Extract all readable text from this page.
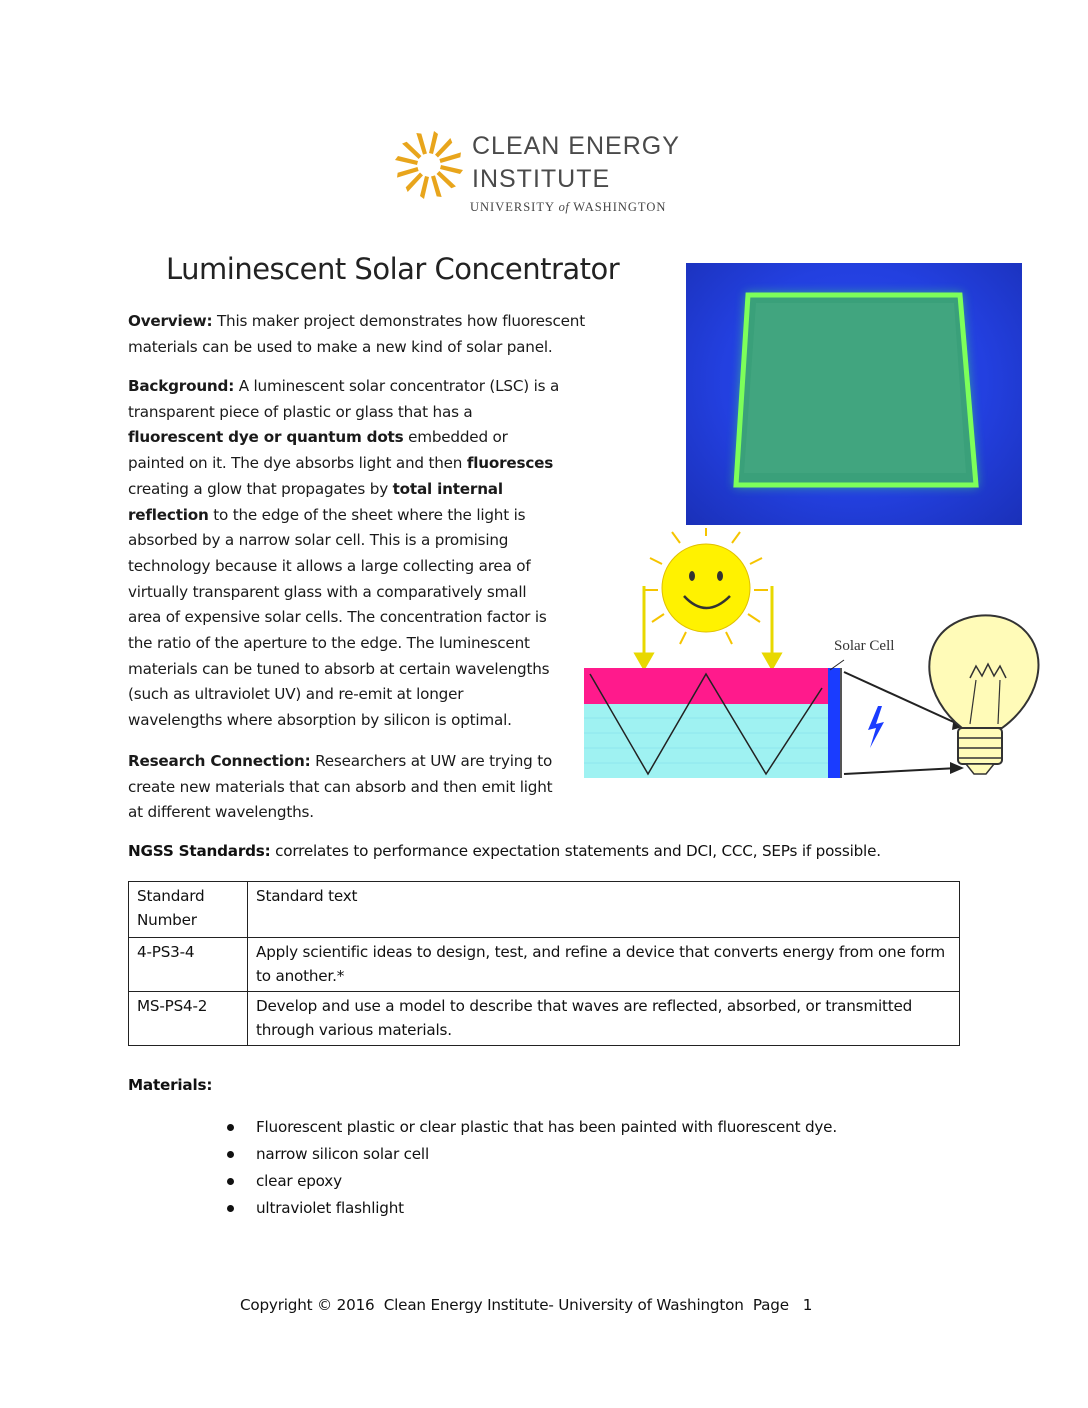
CLEAN ENERGY
INSTITUTE
UNIVERSITY of WASHINGTON
Luminescent Solar Concentrator

Overview: This maker project demonstrates how fluorescent materials can be used to make a new kind of solar panel.

Background: A luminescent solar concentrator (LSC) is a transparent piece of plastic or glass that has a fluorescent dye or quantum dots embedded or painted on it. The dye absorbs light and then fluoresces creating a glow that propagates by total internal reflection to the edge of the sheet where the light is absorbed by a narrow solar cell. This is a promising technology because it allows a large collecting area of virtually transparent glass with a comparatively small area of expensive solar cells. The concentration factor is the ratio of the aperture to the edge. The luminescent materials can be tuned to absorb at certain wavelengths (such as ultraviolet UV) and re-emit at longer wavelengths where absorption by silicon is optimal.

Research Connection: Researchers at UW are trying to create new materials that can absorb and then emit light at different wavelengths.

Solar Cell
NGSS Standards: correlates to performance expectation statements and DCI, CCC, SEPs if possible.
Standard Number	Standard text
4-PS3-4	Apply scientific ideas to design, test, and refine a device that converts energy from one form to another.*
MS-PS4-2	Develop and use a model to describe that waves are reflected, absorbed, or transmitted through various materials.
Materials:
Fluorescent plastic or clear plastic that has been painted with fluorescent dye.
narrow silicon solar cell
clear epoxy
ultraviolet flashlight
Copyright © 2016  Clean Energy Institute- University of Washington  Page   1
